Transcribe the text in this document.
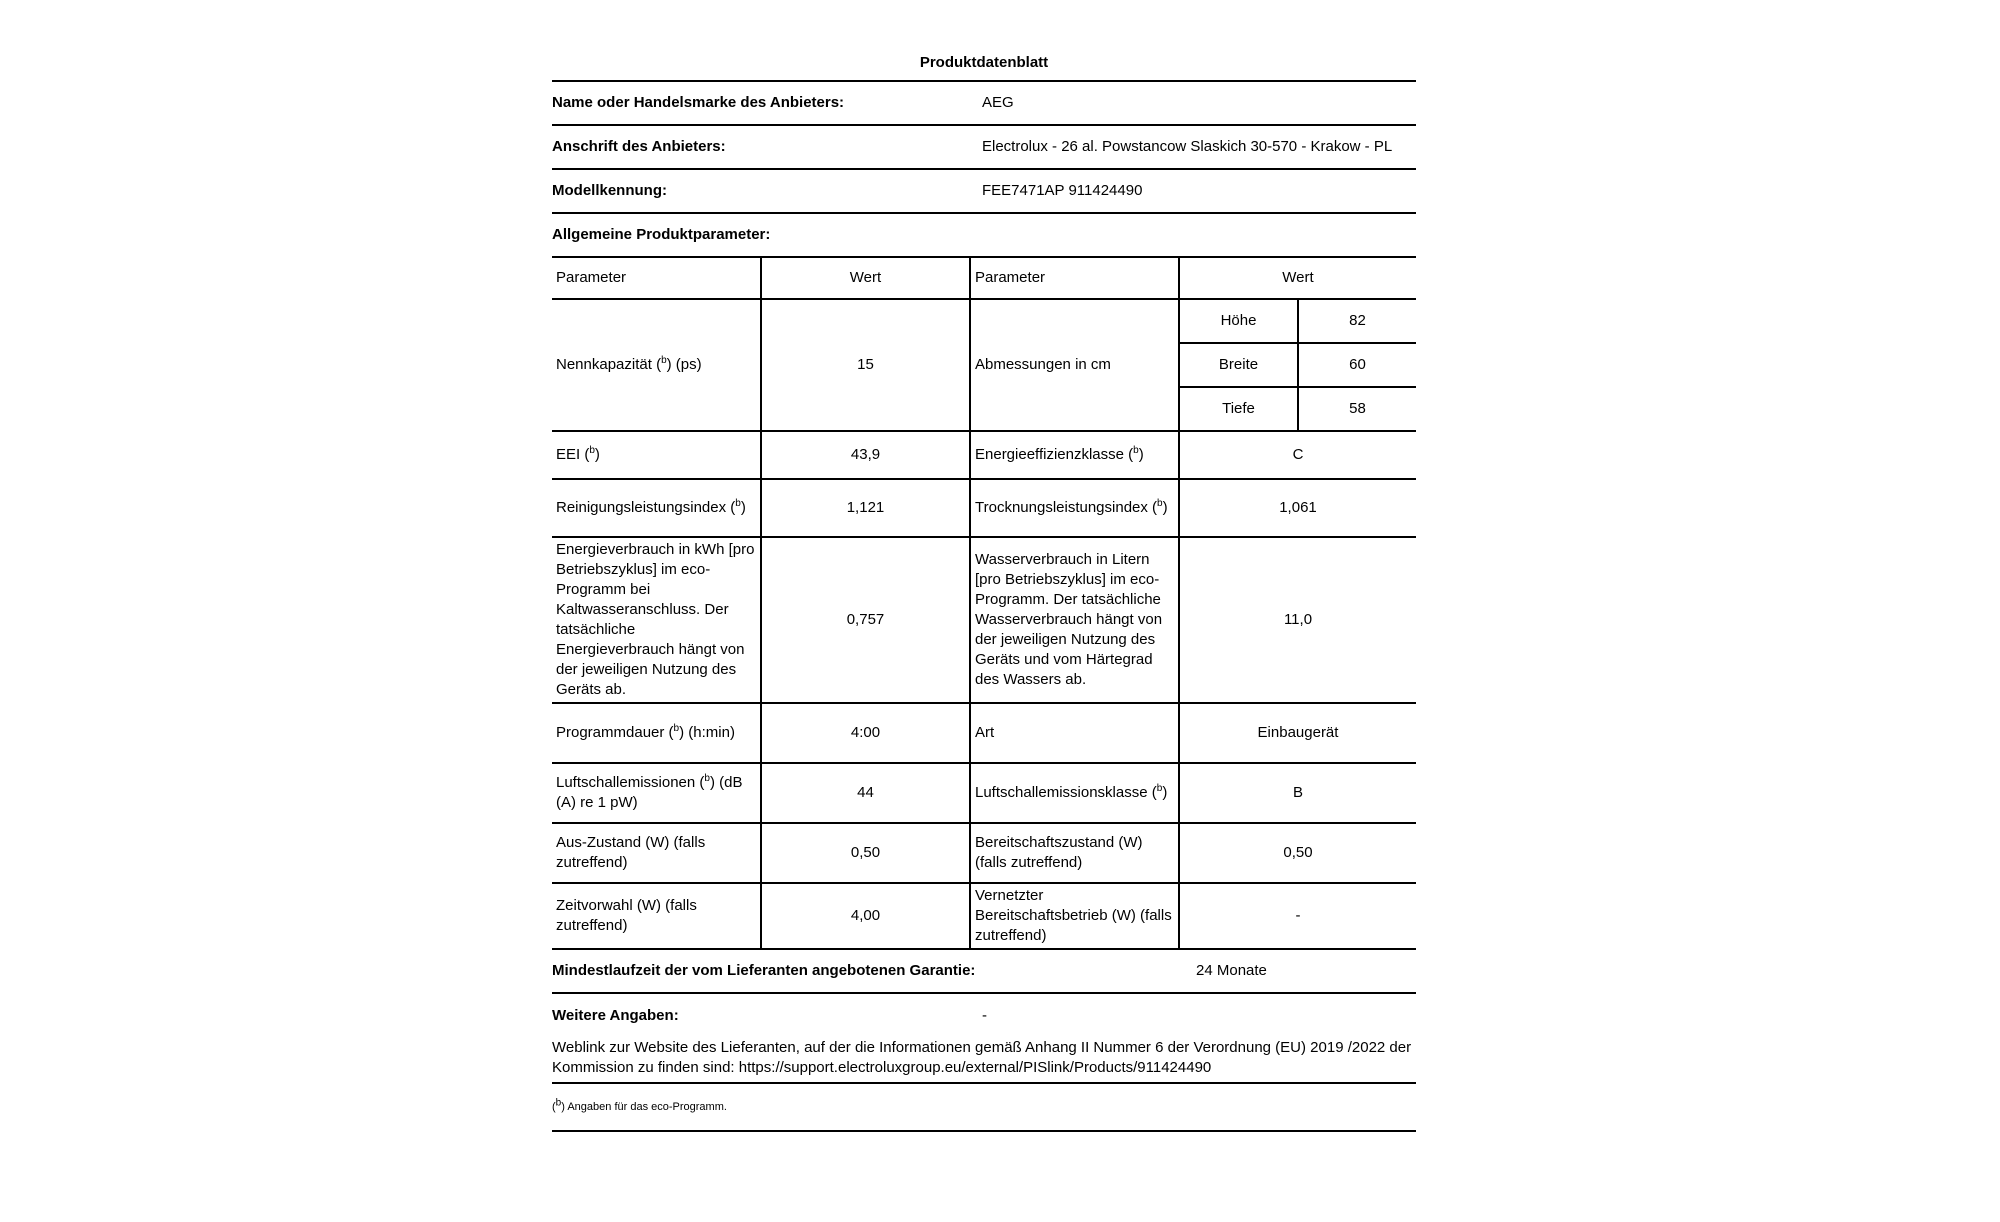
Produktdatenblatt
Name oder Handelsmarke des Anbieters:	AEG
Anschrift des Anbieters:	Electrolux - 26 al. Powstancow Slaskich 30-570 - Krakow - PL
Modellkennung:	FEE7471AP 911424490
Allgemeine Produktparameter:
Parameter	Wert	Parameter	Wert
Nennkapazität ($^b$) (ps)	15	Abmessungen in cm	
Höhe	82
Breite	60
Tiefe	58

EEI ($^b$)	43,9	Energieeffizienzklasse ($^b$)	C
Reinigungsleistungsindex ($^b$)	1,121	Trocknungsleistungsindex ($^b$)	1,061
Energieverbrauch in kWh [pro Betriebszyklus] im eco-Programm bei Kaltwasseranschluss. Der tatsächliche Energieverbrauch hängt von der jeweiligen Nutzung des Geräts ab.	0,757	Wasserverbrauch in Litern [pro Betriebszyklus] im eco-Programm. Der tatsächliche Wasserverbrauch hängt von der jeweiligen Nutzung des Geräts und vom Härtegrad des Wassers ab.	11,0
Programmdauer ($^b$) (h:min)	4:00	Art	Einbaugerät
Luftschallemissionen ($^b$) (dB (A) re 1 pW)	44	Luftschallemissionsklasse ($^b$)	B
Aus-Zustand (W) (falls zutreffend)	0,50	Bereitschaftszustand (W) (falls zutreffend)	0,50
Zeitvorwahl (W) (falls zutreffend)	4,00	Vernetzter Bereitschaftsbetrieb (W) (falls zutreffend)	-
Mindestlaufzeit der vom Lieferanten angebotenen Garantie:	24 Monate
Weitere Angaben:	-
Weblink zur Website des Lieferanten, auf der die Informationen gemäß Anhang II Nummer 6 der Verordnung (EU) 2019 /2022 der Kommission zu finden sind: https://support.electroluxgroup.eu/external/PISlink/Products/911424490
(b) Angaben für das eco-Programm.
